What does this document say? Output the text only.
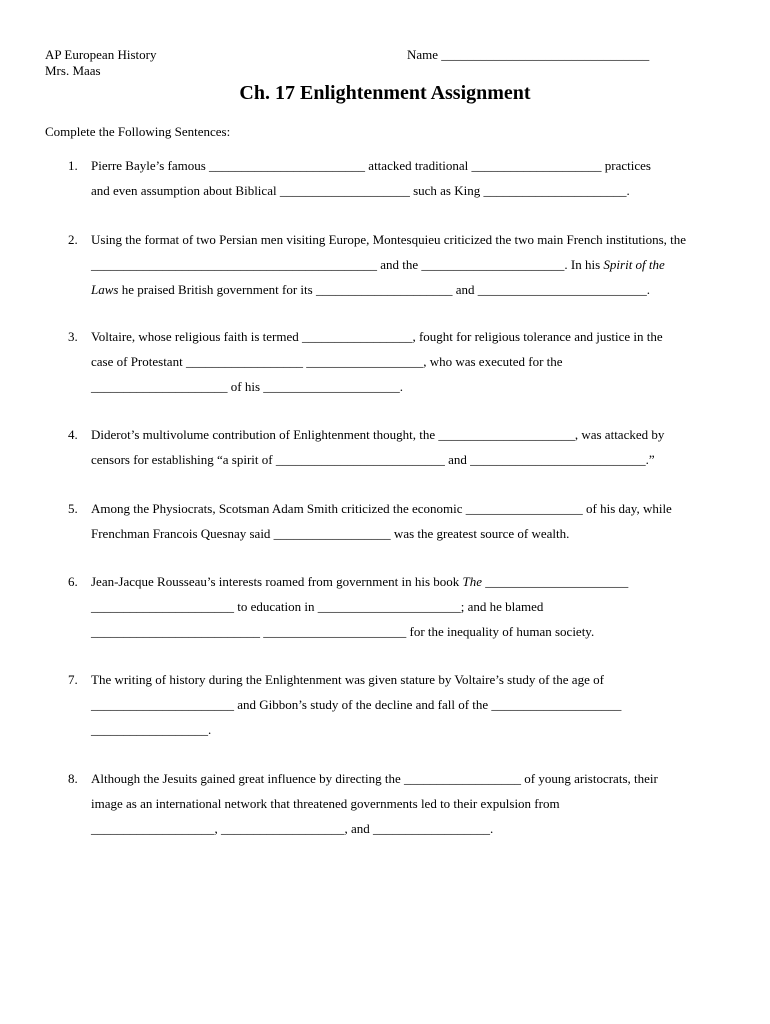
AP European History
Mrs. Maas
Name ________________________________
Ch. 17 Enlightenment Assignment
Complete the Following Sentences:
1. Pierre Bayle’s famous ________________________ attacked traditional ____________________ practices
and even assumption about Biblical ____________________ such as King ______________________.
2. Using the format of two Persian men visiting Europe, Montesquieu criticized the two main French institutions, the
____________________________________________ and the ______________________. In his Spirit of the
Laws he praised British government for its _____________________ and __________________________.
3. Voltaire, whose religious faith is termed _________________, fought for religious tolerance and justice in the
case of Protestant __________________ __________________, who was executed for the
_____________________ of his _____________________.
4. Diderot’s multivolume contribution of Enlightenment thought, the _____________________, was attacked by
censors for establishing “a spirit of __________________________ and ___________________________.”
5. Among the Physiocrats, Scotsman Adam Smith criticized the economic __________________ of his day, while
Frenchman Francois Quesnay said __________________ was the greatest source of wealth.
6. Jean-Jacque Rousseau’s interests roamed from government in his book The ______________________
______________________ to education in ______________________; and he blamed
__________________________ ______________________ for the inequality of human society.
7. The writing of history during the Enlightenment was given stature by Voltaire’s study of the age of
______________________ and Gibbon’s study of the decline and fall of the ____________________
__________________.
8. Although the Jesuits gained great influence by directing the __________________ of young aristocrats, their
image as an international network that threatened governments led to their expulsion from
___________________, ___________________, and __________________.
